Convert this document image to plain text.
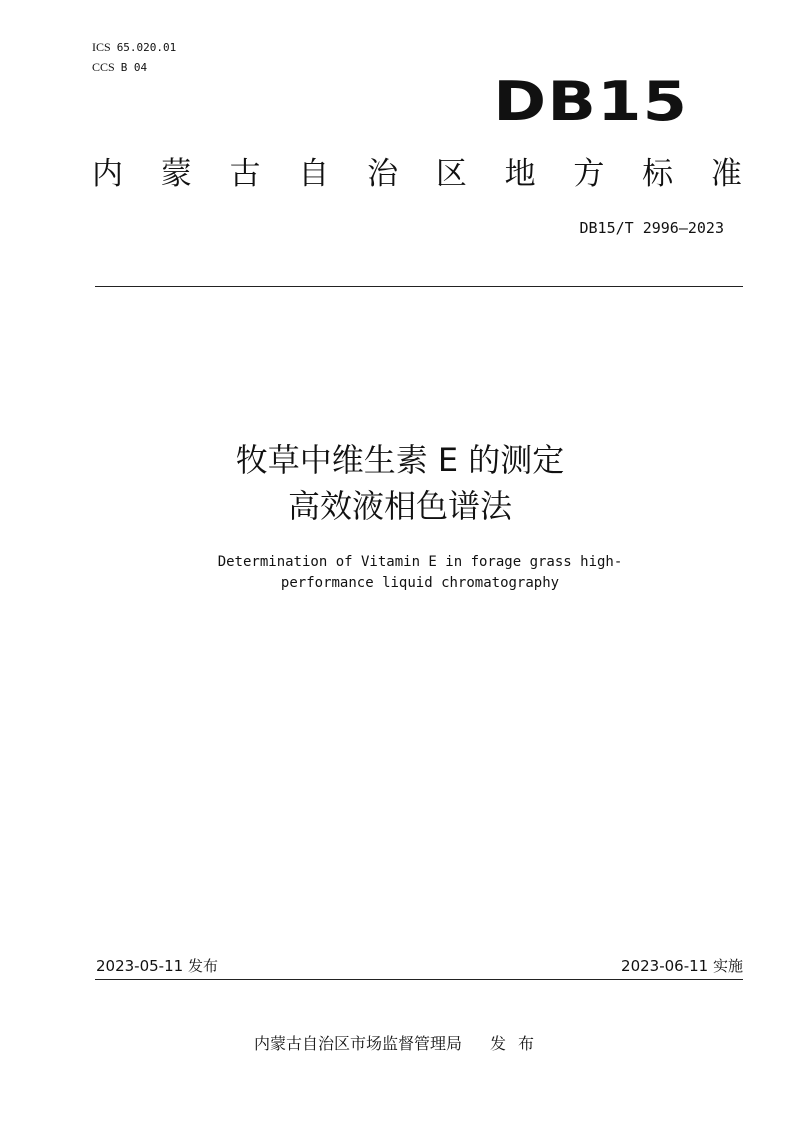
ICS 65.020.01
CCS B 04
DB15
内 蒙 古 自 治 区 地 方 标 准
DB15/T 2996—2023
牧草中维生素 E 的测定
高效液相色谱法
Determination of Vitamin E in forage grass high-
performance liquid chromatography
2023-05-11 发布	2023-06-11 实施
内蒙古自治区市场监督管理局 发布
